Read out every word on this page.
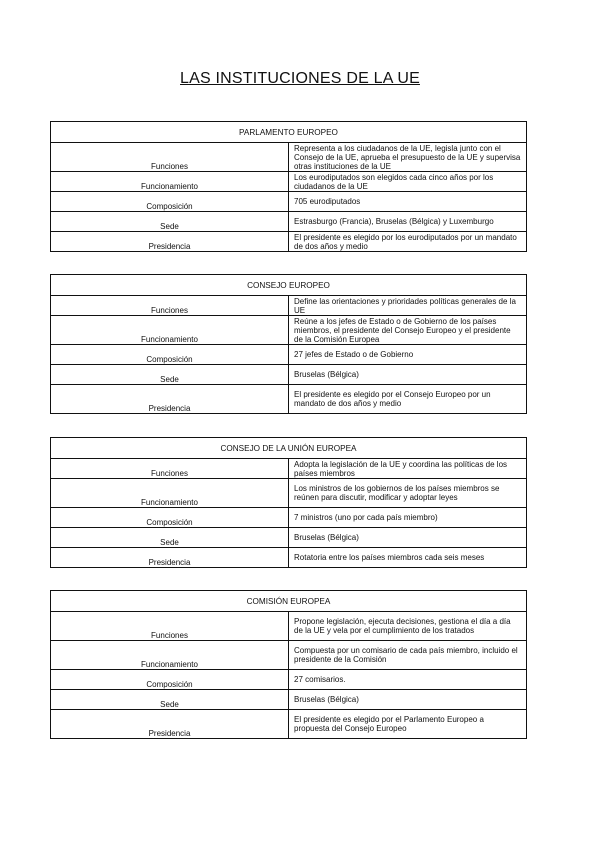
LAS INSTITUCIONES DE LA UE
PARLAMENTO EUROPEO	
Funciones	Representa a los ciudadanos de la UE, legisla junto con el Consejo de la UE, aprueba el presupuesto de la UE y supervisa otras instituciones de la UE
Funcionamiento	Los eurodiputados son elegidos cada cinco años por los ciudadanos de la UE
Composición	705 eurodiputados
Sede	Estrasburgo (Francia), Bruselas (Bélgica) y Luxemburgo
Presidencia	El presidente es elegido por los eurodiputados por un mandato de dos años y medio
CONSEJO EUROPEO	
Funciones	Define las orientaciones y prioridades políticas generales de la UE
Funcionamiento	Reúne a los jefes de Estado o de Gobierno de los países miembros, el presidente del Consejo Europeo y el presidente de la Comisión Europea
Composición	27 jefes de Estado o de Gobierno
Sede	Bruselas (Bélgica)
Presidencia	El presidente es elegido por el Consejo Europeo por un mandato de dos años y medio
CONSEJO DE LA UNIÓN EUROPEA	
Funciones	Adopta la legislación de la UE y coordina las políticas de los países miembros
Funcionamiento	Los ministros de los gobiernos de los países miembros se reúnen para discutir, modificar y adoptar leyes
Composición	7 ministros (uno por cada país miembro)
Sede	Bruselas (Bélgica)
Presidencia	Rotatoria entre los países miembros cada seis meses
COMISIÓN EUROPEA	
Funciones	Propone legislación, ejecuta decisiones, gestiona el día a día de la UE y vela por el cumplimiento de los tratados
Funcionamiento	Compuesta por un comisario de cada país miembro, incluido el presidente de la Comisión
Composición	27 comisarios.
Sede	Bruselas (Bélgica)
Presidencia	El presidente es elegido por el Parlamento Europeo a propuesta del Consejo Europeo
